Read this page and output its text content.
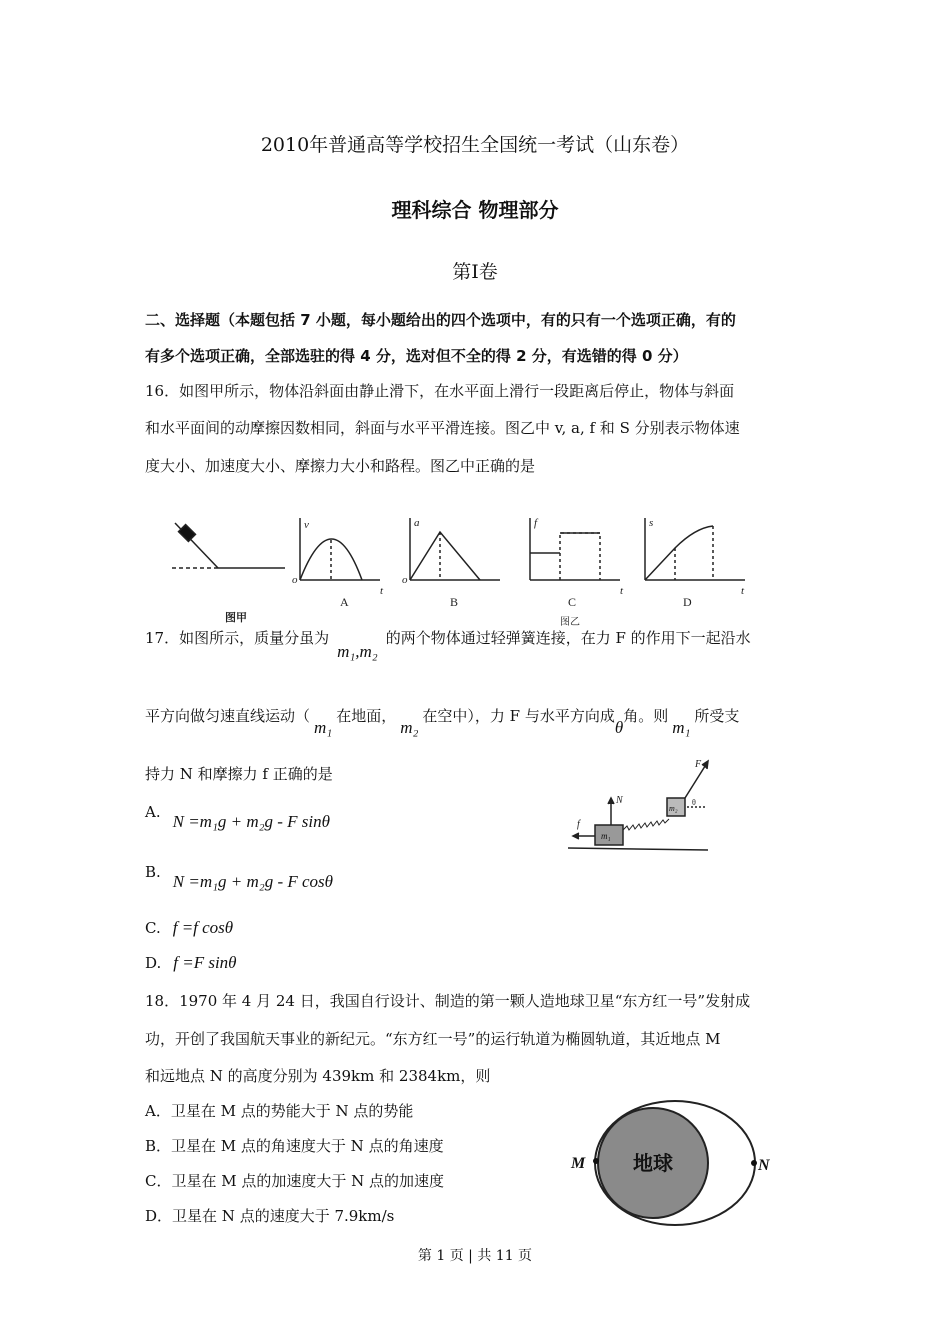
2010年普通高等学校招生全国统一考试（山东卷）
理科综合 物理部分
第Ⅰ卷
二、选择题（本题包括 7 小题，每小题给出的四个选项中，有的只有一个选项正确，有的
有多个选项正确，全部选驻的得 4 分，选对但不全的得 2 分，有选错的得 0 分）
16．如图甲所示，物体沿斜面由静止滑下，在水平面上滑行一段距离后停止，物体与斜面
和水平面间的动摩擦因数相同，斜面与水平平滑连接。图乙中 v, a, f 和 S 分别表示物体速
度大小、加速度大小、摩擦力大小和路程。图乙中正确的是
图甲
v
o
t
A
a
o
B
f
t
C
图乙
s
t
D
17．如图所示，质量分虽为m₁,m₂的两个物体通过轻弹簧连接，在力 F 的作用下一起沿水
平方向做匀速直线运动（m₁在地面，m₂在空中），力 F 与水平方向成θ角。则m₁所受支
持力 N 和摩擦力 f 正确的是
A. N =m₁g + m₂g - F sinθ
B. N =m₁g + m₂g - F cosθ
C. f =f cosθ
D. f =F sinθ
m₁
m₂
N
f
F
θ
18．1970 年 4 月 24 日，我国自行设计、制造的第一颗人造地球卫星“东方红一号”发射成
功，开创了我国航天事业的新纪元。“东方红一号”的运行轨道为椭圆轨道，其近地点 M
和远地点 N 的高度分别为 439km 和 2384km，则
A．卫星在 M 点的势能大于 N 点的势能
B．卫星在 M 点的角速度大于 N 点的角速度
C．卫星在 M 点的加速度大于 N 点的加速度
D．卫星在 N 点的速度大于 7.9km/s
地球
M	N
第 1 页 | 共 11 页
